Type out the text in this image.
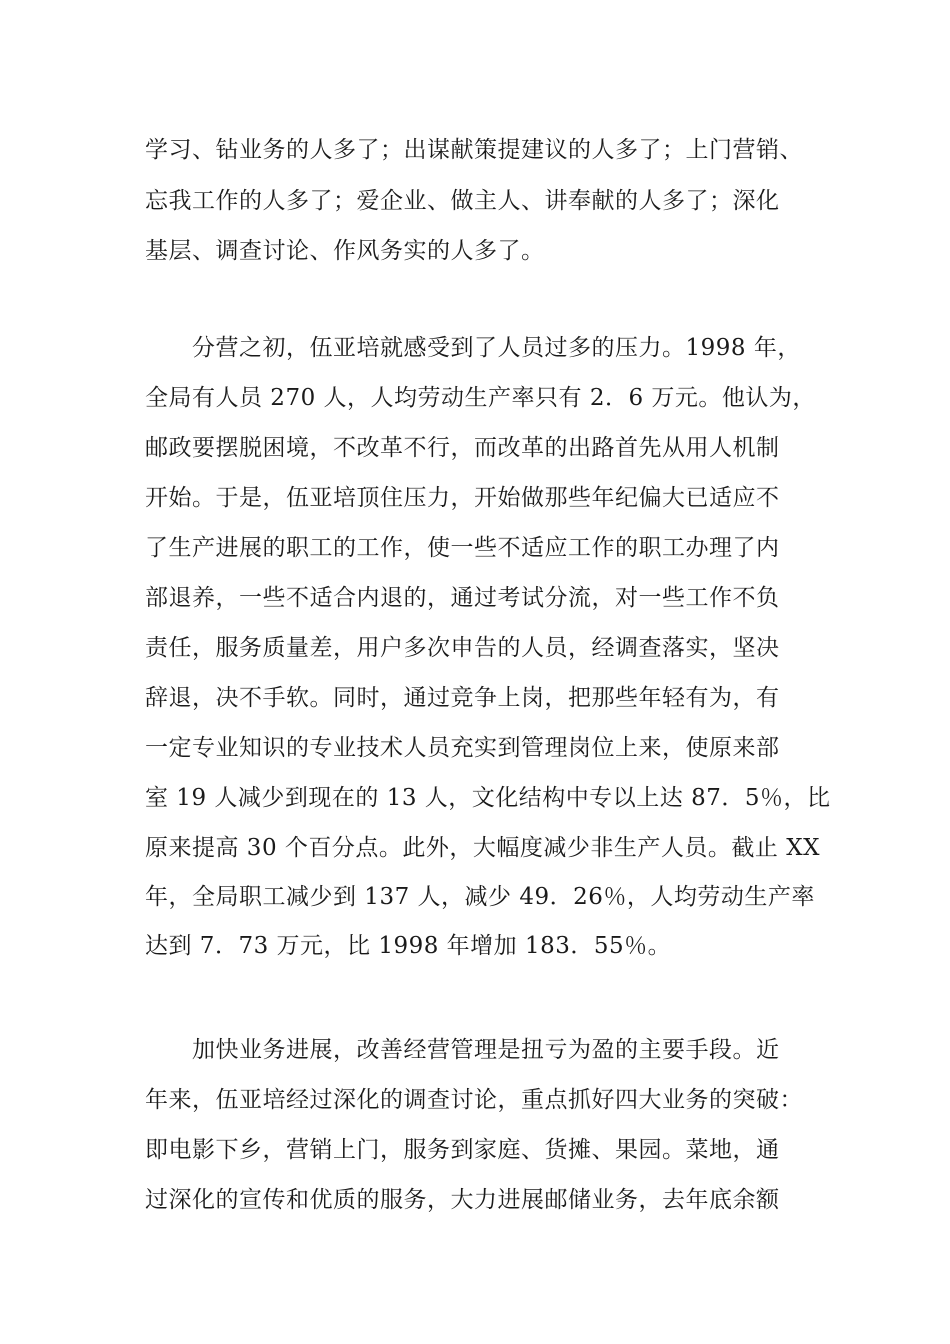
学习、钻业务的人多了；出谋献策提建议的人多了；上门营销、

忘我工作的人多了；爱企业、做主人、讲奉献的人多了；深化

基层、调查讨论、作风务实的人多了。

　　分营之初，伍亚培就感受到了人员过多的压力。1998 年，

全局有人员 270 人，人均劳动生产率只有 2．6 万元。他认为，

邮政要摆脱困境，不改革不行，而改革的出路首先从用人机制

开始。于是，伍亚培顶住压力，开始做那些年纪偏大已适应不

了生产进展的职工的工作，使一些不适应工作的职工办理了内

部退养，一些不适合内退的，通过考试分流，对一些工作不负

责任，服务质量差，用户多次申告的人员，经调查落实，坚决

辞退，决不手软。同时，通过竞争上岗，把那些年轻有为，有

一定专业知识的专业技术人员充实到管理岗位上来，使原来部

室 19 人减少到现在的 13 人，文化结构中专以上达 87．5％，比

原来提高 30 个百分点。此外，大幅度减少非生产人员。截止 XX

年，全局职工减少到 137 人，减少 49．26％，人均劳动生产率

达到 7．73 万元，比 1998 年增加 183．55％。

　　加快业务进展，改善经营管理是扭亏为盈的主要手段。近

年来，伍亚培经过深化的调查讨论，重点抓好四大业务的突破：

即电影下乡，营销上门，服务到家庭、货摊、果园。菜地，通

过深化的宣传和优质的服务，大力进展邮储业务，去年底余额
